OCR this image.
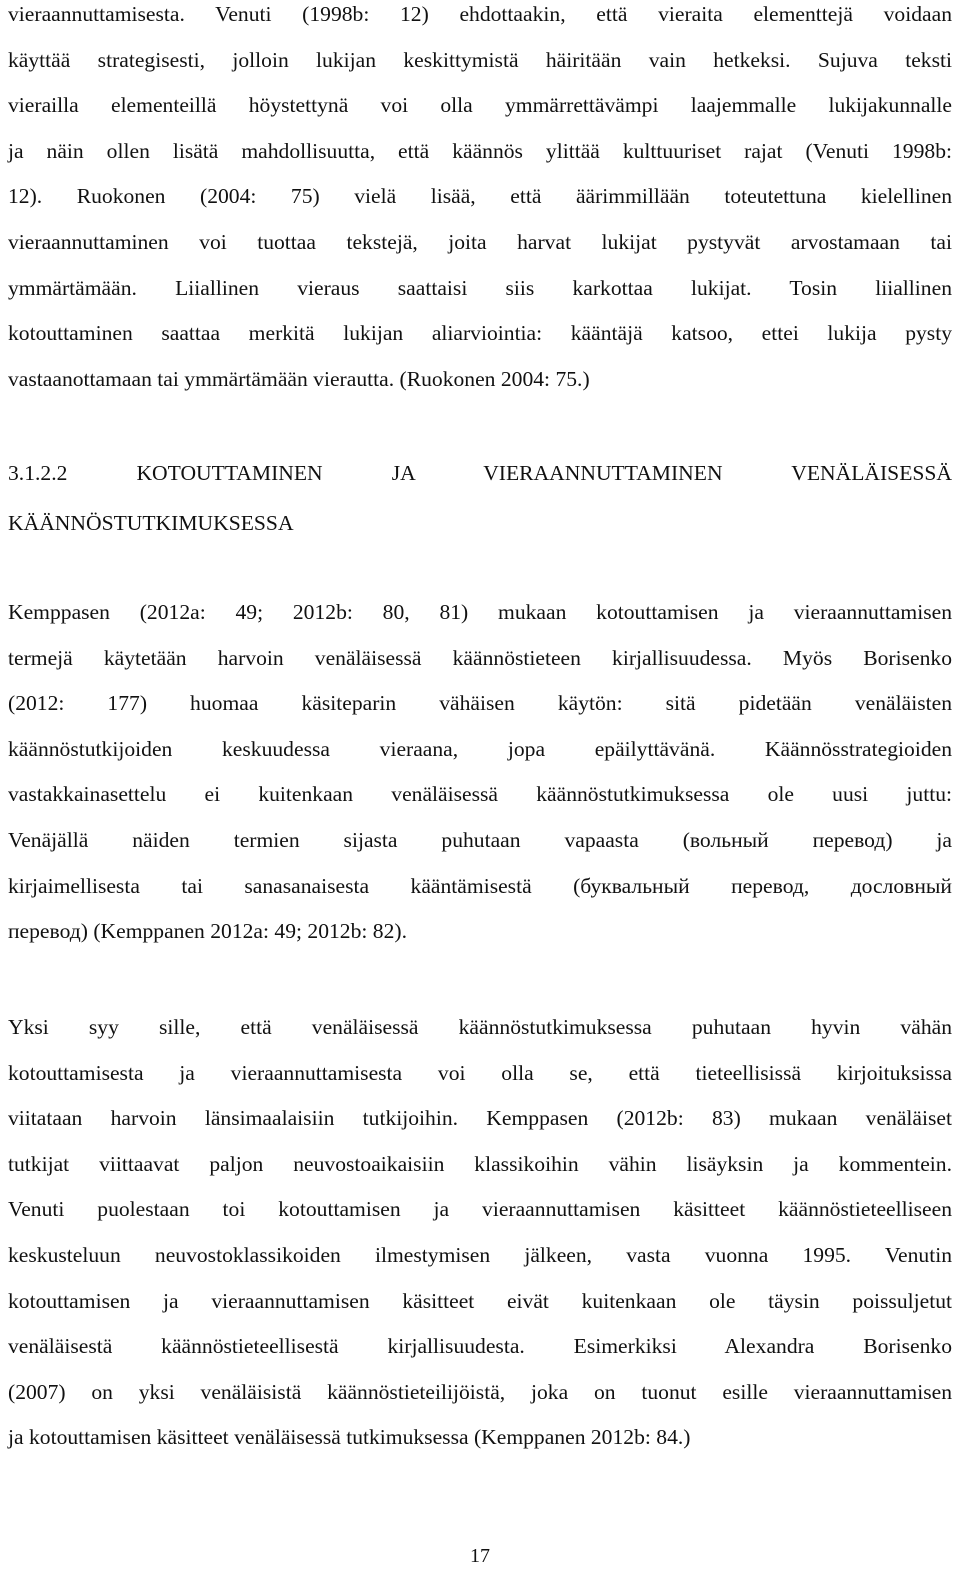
vieraannuttamisesta. Venuti (1998b: 12) ehdottaakin, että vieraita elementtejä voidaan
käyttää strategisesti, jolloin lukijan keskittymistä häiritään vain hetkeksi. Sujuva teksti
vierailla elementeillä höystettynä voi olla ymmärrettävämpi laajemmalle lukijakunnalle
ja näin ollen lisätä mahdollisuutta, että käännös ylittää kulttuuriset rajat (Venuti 1998b:
12). Ruokonen (2004: 75) vielä lisää, että äärimmillään toteutettuna kielellinen
vieraannuttaminen voi tuottaa tekstejä, joita harvat lukijat pystyvät arvostamaan tai
ymmärtämään. Liiallinen vieraus saattaisi siis karkottaa lukijat. Tosin liiallinen
kotouttaminen saattaa merkitä lukijan aliarviointia: kääntäjä katsoo, ettei lukija pysty
vastaanottamaan tai ymmärtämään vierautta. (Ruokonen 2004: 75.)
3.1.2.2 KOTOUTTAMINEN JA VIERAANNUTTAMINEN VENÄLÄISESSÄ
KÄÄNNÖSTUTKIMUKSESSA
Kemppasen (2012a: 49; 2012b: 80, 81) mukaan kotouttamisen ja vieraannuttamisen
termejä käytetään harvoin venäläisessä käännöstieteen kirjallisuudessa. Myös Borisenko
(2012: 177) huomaa käsiteparin vähäisen käytön: sitä pidetään venäläisten
käännöstutkijoiden keskuudessa vieraana, jopa epäilyttävänä. Käännösstrategioiden
vastakkainasettelu ei kuitenkaan venäläisessä käännöstutkimuksessa ole uusi juttu:
Venäjällä näiden termien sijasta puhutaan vapaasta (вольный перевод) ja
kirjaimellisesta tai sanasanaisesta kääntämisestä (буквальный перевод, дословный
перевод) (Kemppanen 2012a: 49; 2012b: 82).
Yksi syy sille, että venäläisessä käännöstutkimuksessa puhutaan hyvin vähän
kotouttamisesta ja vieraannuttamisesta voi olla se, että tieteellisissä kirjoituksissa
viitataan harvoin länsimaalaisiin tutkijoihin. Kemppasen (2012b: 83) mukaan venäläiset
tutkijat viittaavat paljon neuvostoaikaisiin klassikoihin vähin lisäyksin ja kommentein.
Venuti puolestaan toi kotouttamisen ja vieraannuttamisen käsitteet käännöstieteelliseen
keskusteluun neuvostoklassikoiden ilmestymisen jälkeen, vasta vuonna 1995. Venutin
kotouttamisen ja vieraannuttamisen käsitteet eivät kuitenkaan ole täysin poissuljetut
venäläisestä käännöstieteellisestä kirjallisuudesta. Esimerkiksi Alexandra Borisenko
(2007) on yksi venäläisistä käännöstieteilijöistä, joka on tuonut esille vieraannuttamisen
ja kotouttamisen käsitteet venäläisessä tutkimuksessa (Kemppanen 2012b: 84.)
17
